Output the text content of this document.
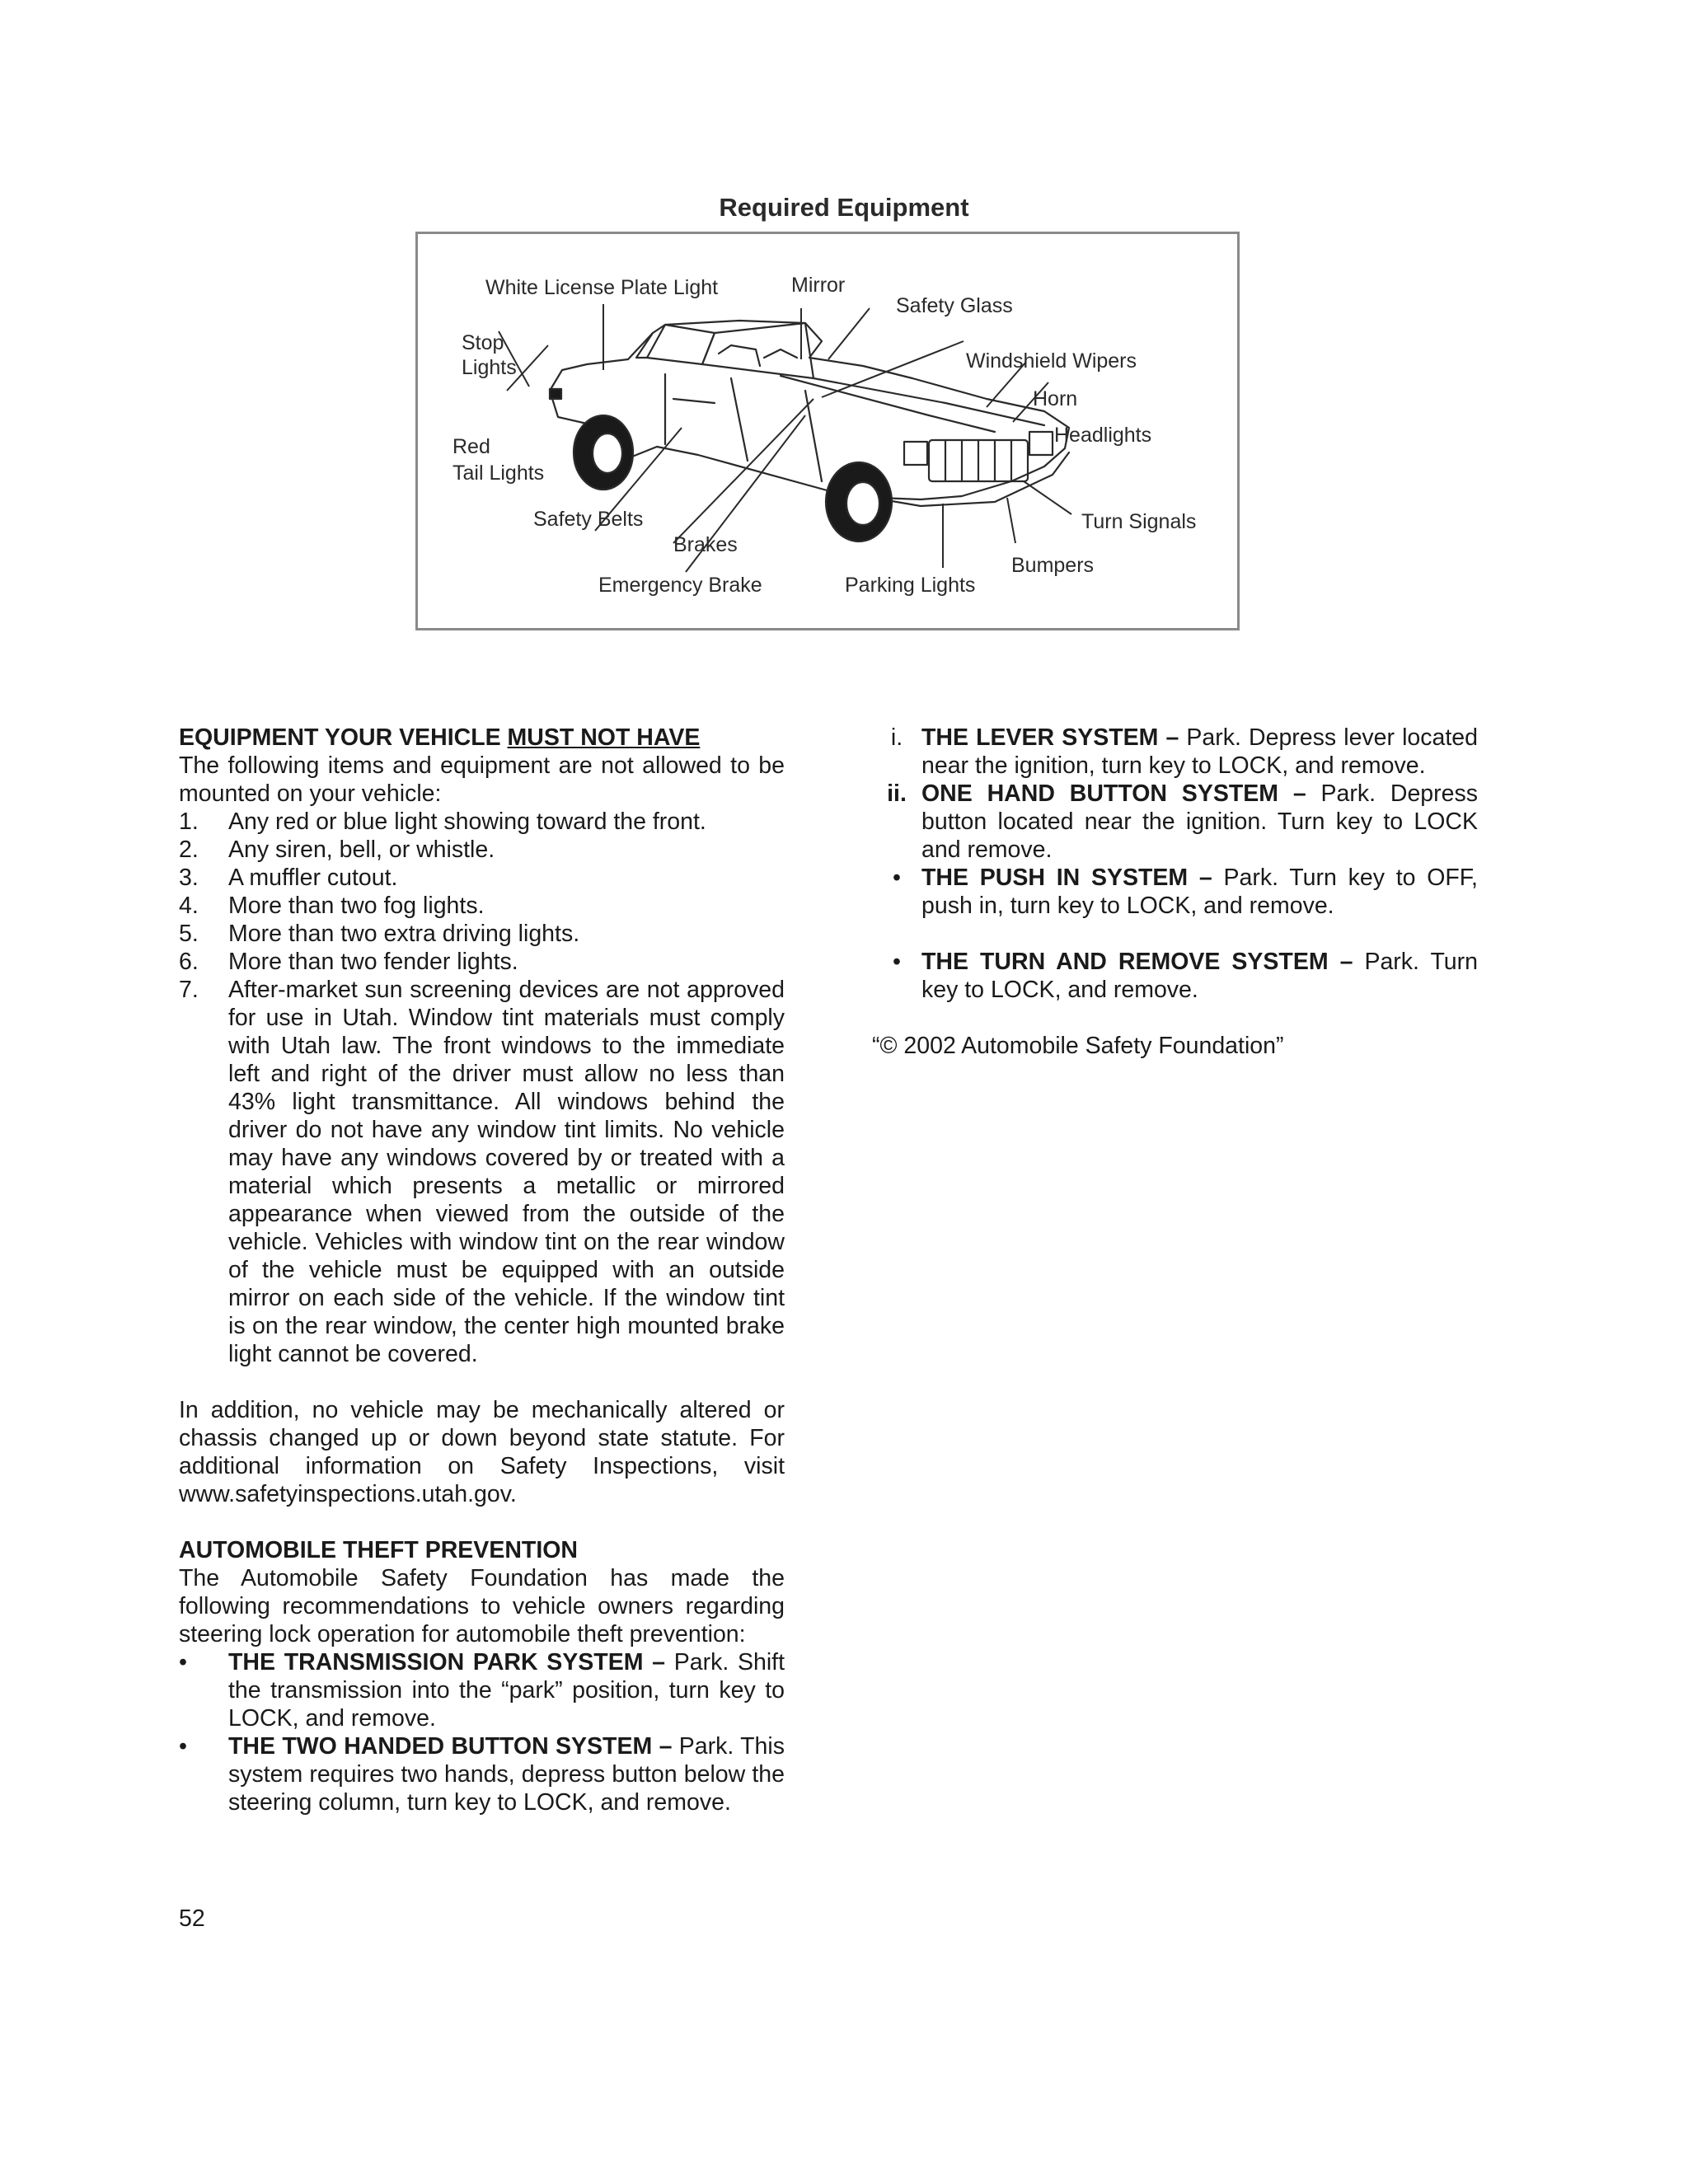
Required Equipment
White License Plate Light	Mirror
Safety Glass
Stop
Lights	Windshield Wipers
Horn
Headlights
Red
Tail Lights
Safety Belts
Brakes
Turn Signals
Bumpers
Emergency Brake	Parking Lights

EQUIPMENT YOUR VEHICLE MUST NOT HAVE

The following items and equipment are not allowed to be mounted on your vehicle:

1.	Any red or blue light showing toward the front.
2.	Any siren, bell, or whistle.
3.	A muffler cutout.
4.	More than two fog lights.
5.	More than two extra driving lights.
6.	More than two fender lights.
7.	After-market sun screening devices are not approved for use in Utah. Window tint materials must comply with Utah law. The front windows to the immediate left and right of the driver must allow no less than 43% light transmittance. All windows behind the driver do not have any window tint limits. No vehicle may have any windows covered by or treated with a material which presents a metallic or mirrored appearance when viewed from the outside of the vehicle. Vehicles with window tint on the rear window of the vehicle must be equipped with an outside mirror on each side of the vehicle. If the window tint is on the rear window, the center high mounted brake light cannot be covered.

In addition, no vehicle may be mechanically altered or chassis changed up or down beyond state statute. For additional information on Safety Inspections, visit www.safetyinspections.utah.gov.

AUTOMOBILE THEFT PREVENTION

The Automobile Safety Foundation has made the following recommendations to vehicle owners regarding steering lock operation for automobile theft prevention:

•	THE TRANSMISSION PARK SYSTEM – Park. Shift the transmission into the “park” position, turn key to LOCK, and remove.
•	THE TWO HANDED BUTTON SYSTEM – Park. This system requires two hands, depress button below the steering column, turn key to LOCK, and remove.
i. THE LEVER SYSTEM – Park. Depress lever located near the ignition, turn key to LOCK, and remove.
ii. ONE HAND BUTTON SYSTEM – Park. Depress button located near the ignition. Turn key to LOCK and remove.
• THE PUSH IN SYSTEM – Park. Turn key to OFF, push in, turn key to LOCK, and remove.
• THE TURN AND REMOVE SYSTEM – Park. Turn key to LOCK, and remove.

“© 2002 Automobile Safety Foundation”

52
